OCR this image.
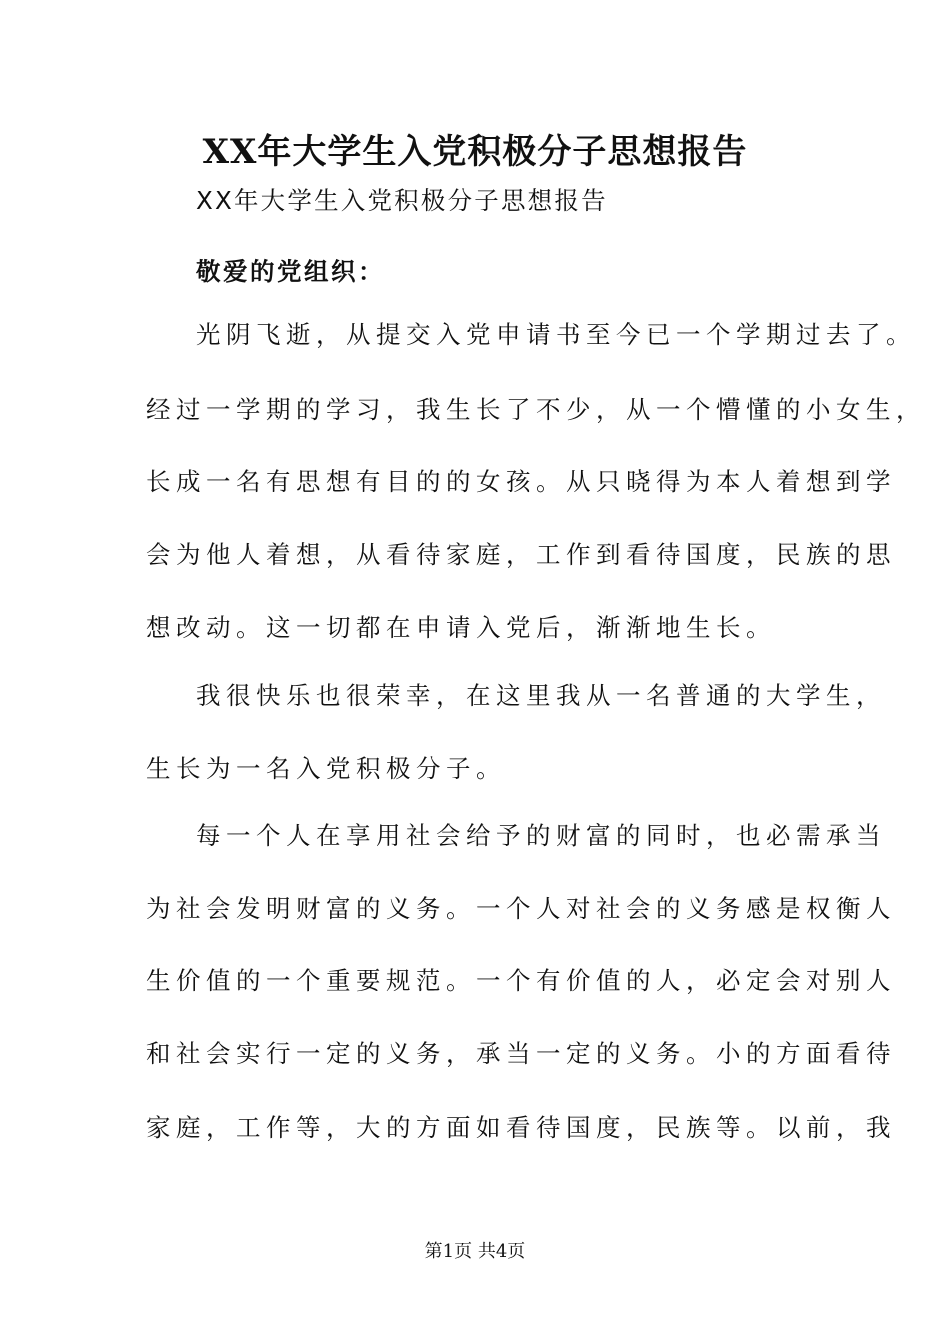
XX年大学生入党积极分子思想报告
XX年大学生入党积极分子思想报告
敬爱的党组织：
光阴飞逝，从提交入党申请书至今已一个学期过去了。
经过一学期的学习，我生长了不少，从一个懵懂的小女生，
长成一名有思想有目的的女孩。从只晓得为本人着想到学
会为他人着想，从看待家庭，工作到看待国度，民族的思
想改动。这一切都在申请入党后，渐渐地生长。
我很快乐也很荣幸，在这里我从一名普通的大学生，
生长为一名入党积极分子。
每一个人在享用社会给予的财富的同时，也必需承当
为社会发明财富的义务。一个人对社会的义务感是权衡人
生价值的一个重要规范。一个有价值的人，必定会对别人
和社会实行一定的义务，承当一定的义务。小的方面看待
家庭，工作等，大的方面如看待国度，民族等。以前，我
第1页 共4页
